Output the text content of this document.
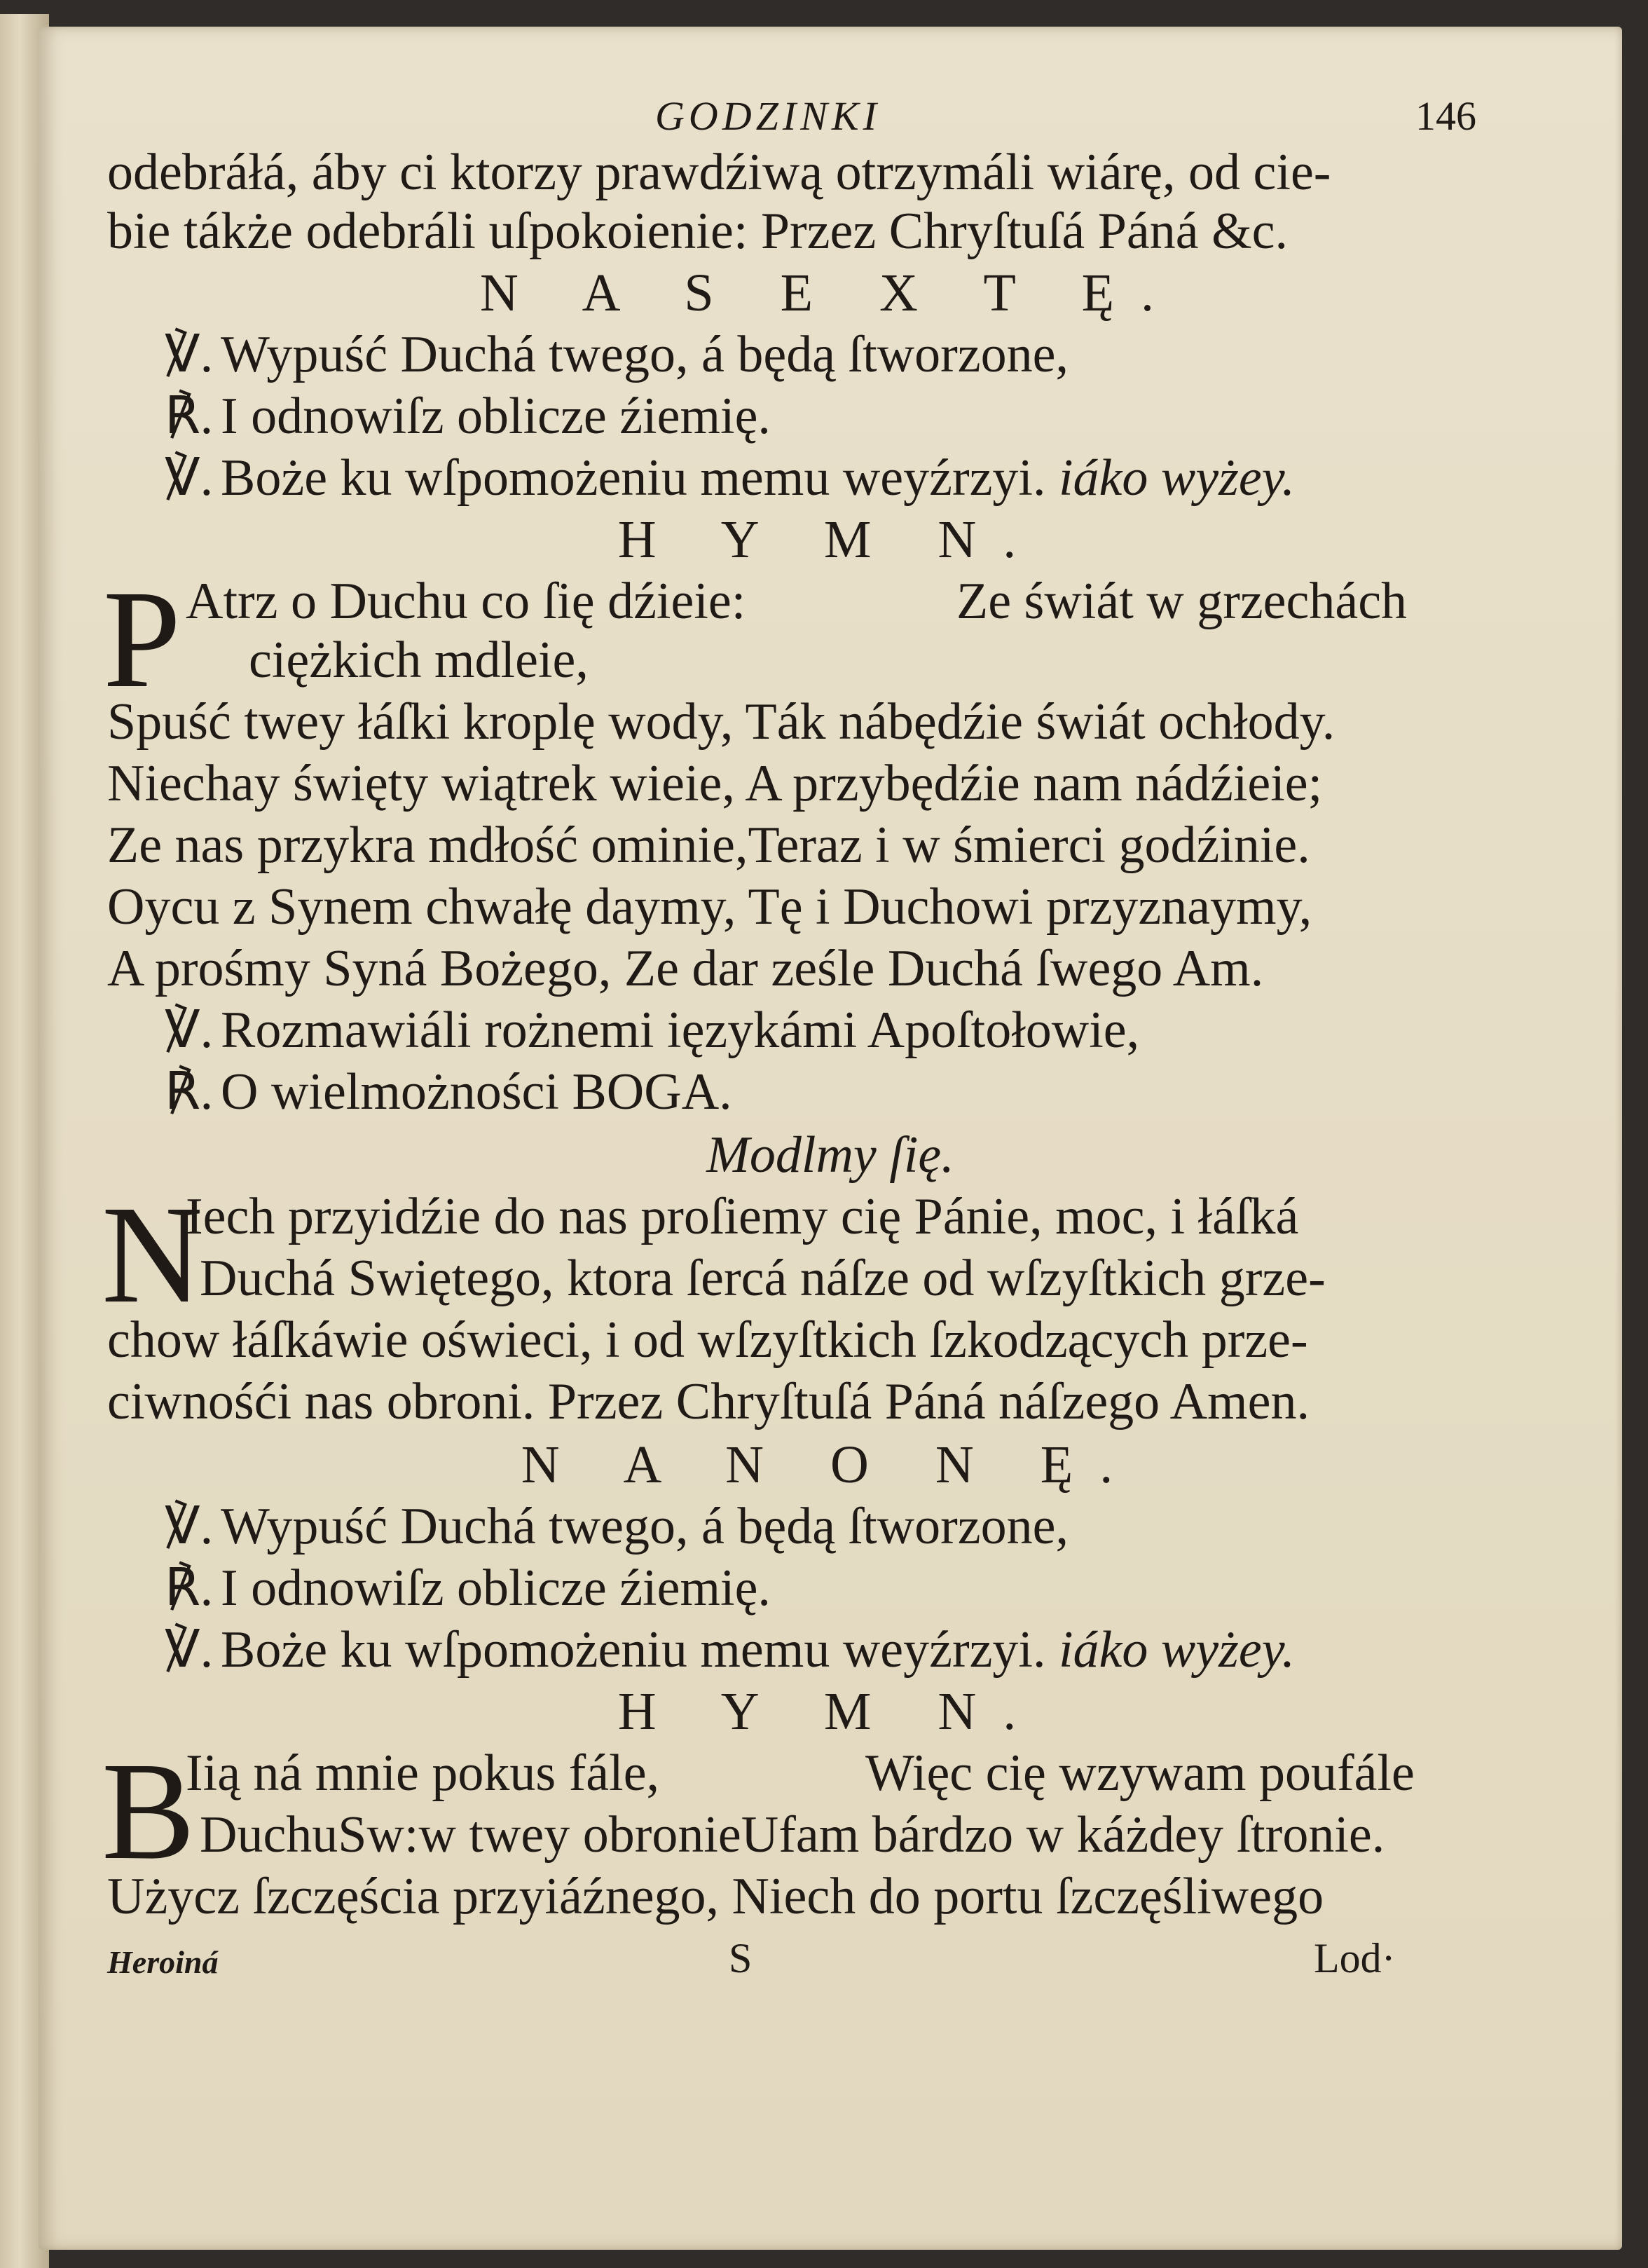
GODZINKI	146
odebráłá, áby ci ktorzy prawdźiwą otrzymáli wiárę, od cie-
bie tákże odebráli uſpokoienie: Przez Chryſtuſá Páná &c.
N A S E X T Ę.
℣. Wypuść Duchá twego, á będą ſtworzone,
℟. I odnowiſz oblicze źiemię.
℣. Boże ku wſpomożeniu memu weyźrzyi. iáko wyżey.
H Y M N.
P Atrz o Duchu co ſię dźieie:	Ze świát w grzechách
ciężkich mdleie,
Spuść twey łáſki kroplę wody, Ták nábędźie świát ochłody.
Niechay święty wiątrek wieie, A przybędźie nam nádźieie;
Ze nas przykra mdłość ominie,Teraz i w śmierci godźinie.
Oycu z Synem chwałę daymy, Tę i Duchowi przyznaymy,
A prośmy Syná Bożego, Ze dar ześle Duchá ſwego Am.
℣. Rozmawiáli rożnemi ięzykámi Apoſtołowie,
℟. O wielmożności BOGA.
Modlmy ſię.
N
Iech przyidźie do nas proſiemy cię Pánie, moc, i łáſká
Duchá Swiętego, ktora ſercá náſze od wſzyſtkich grze-
chow łáſkáwie oświeci, i od wſzyſtkich ſzkodzących prze-
ciwnośći nas obroni. Przez Chryſtuſá Páná náſzego Amen.
N A N O N Ę.
℣. Wypuść Duchá twego, á będą ſtworzone,
℟. I odnowiſz oblicze źiemię.
℣. Boże ku wſpomożeniu memu weyźrzyi. iáko wyżey.
H Y M N.
B
Iią ná mnie pokus fále,	Więc cię wzywam poufále
DuchuSw:w twey obronieUfam bárdzo w káżdey ſtronie.
Użycz ſzczęścia przyiáźnego, Niech do portu ſzczęśliwego
Heroiná	S	Lod·
